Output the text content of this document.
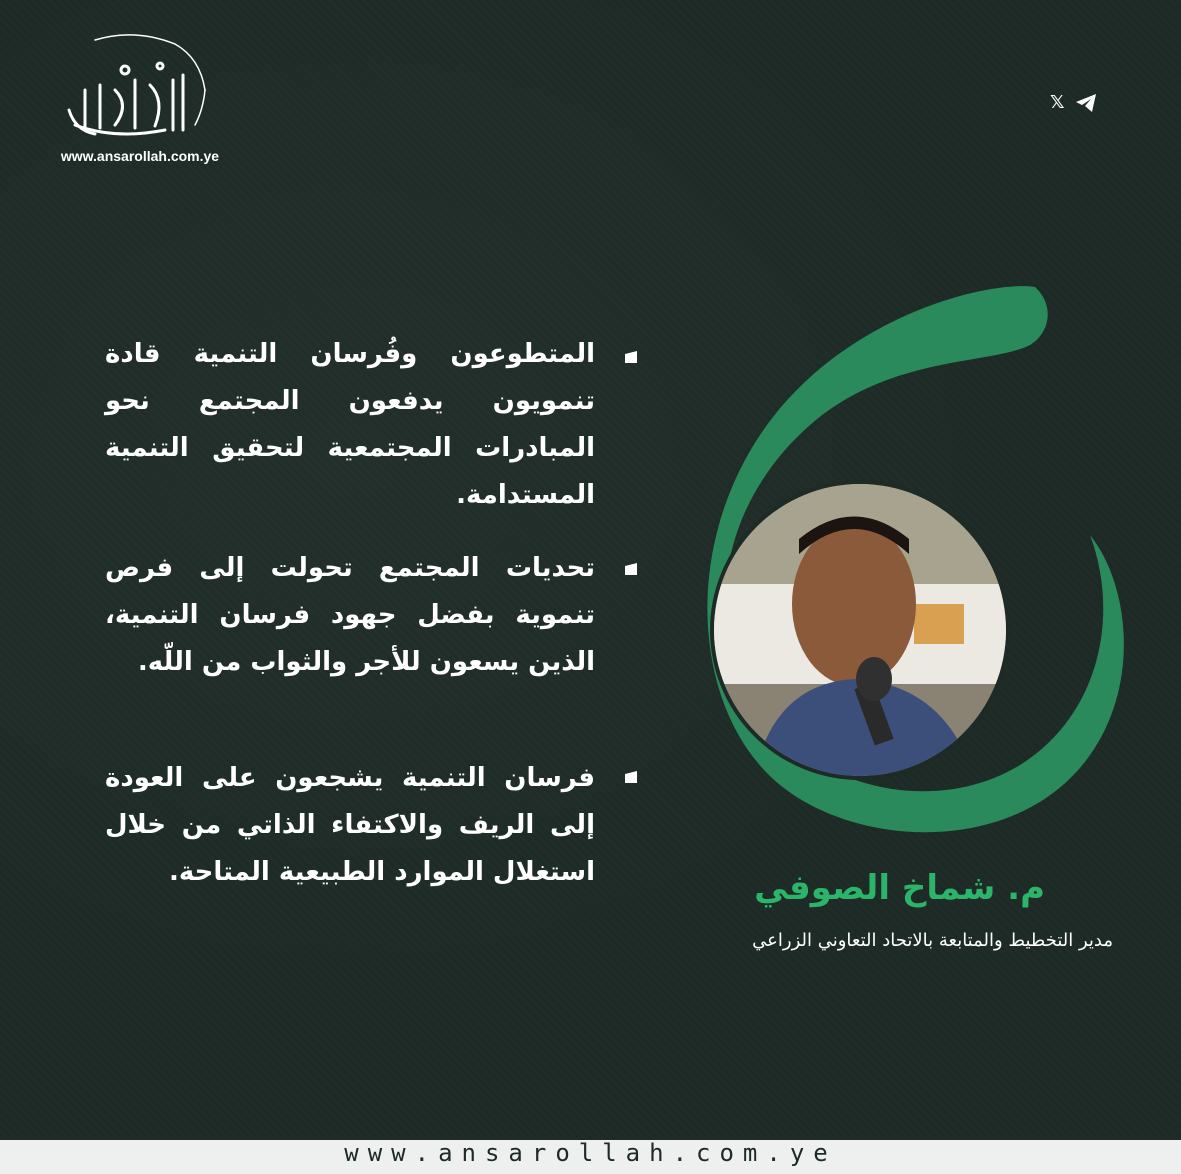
www.ansarollah.com.ye
𝕏
المتطوعون وفُرسان التنمية قادة تنمويون يدفعون المجتمع نحو المبادرات المجتمعية لتحقيق التنمية المستدامة.
تحديات المجتمع تحولت إلى فرص تنموية بفضل جهود فرسان التنمية، الذين يسعون للأجر والثواب من اللّه.
فرسان التنمية يشجعون على العودة إلى الريف والاكتفاء الذاتي من خلال استغلال الموارد الطبيعية المتاحة.	م. شماخ الصوفي
مدير التخطيط والمتابعة بالاتحاد التعاوني الزراعي
www.ansarollah.com.ye
